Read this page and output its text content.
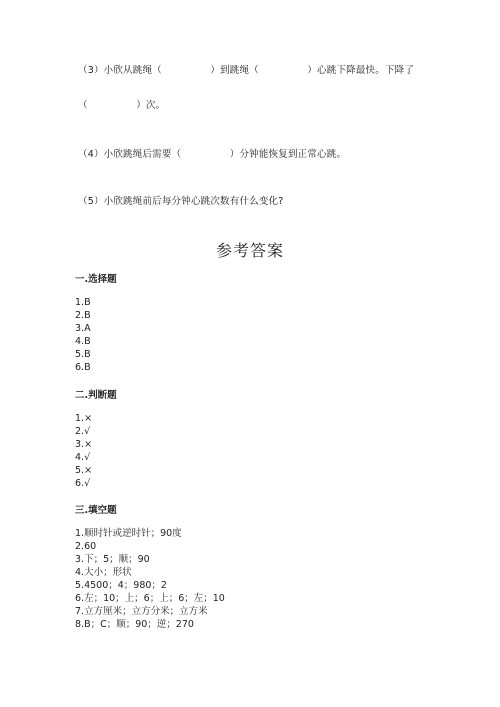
（3）小欣从跳绳（　　　　　）到跳绳（　　　　　）心跳下降最快。下降了
（　　　　　）次。
（4）小欣跳绳后需要（　　　　　）分钟能恢复到正常心跳。
（5）小欣跳绳前后每分钟心跳次数有什么变化?
参考答案
一.选择题
1.B
2.B
3.A
4.B
5.B
6.B
二.判断题
1.×
2.√
3.×
4.√
5.×
6.√
三.填空题
1.顺时针或逆时针；90度
2.60
3.下；5；顺；90
4.大小；形状
5.4500；4；980；2
6.左；10；上；6；上；6；左；10
7.立方厘米；立方分米；立方米
8.B；C；顺；90；逆；270
